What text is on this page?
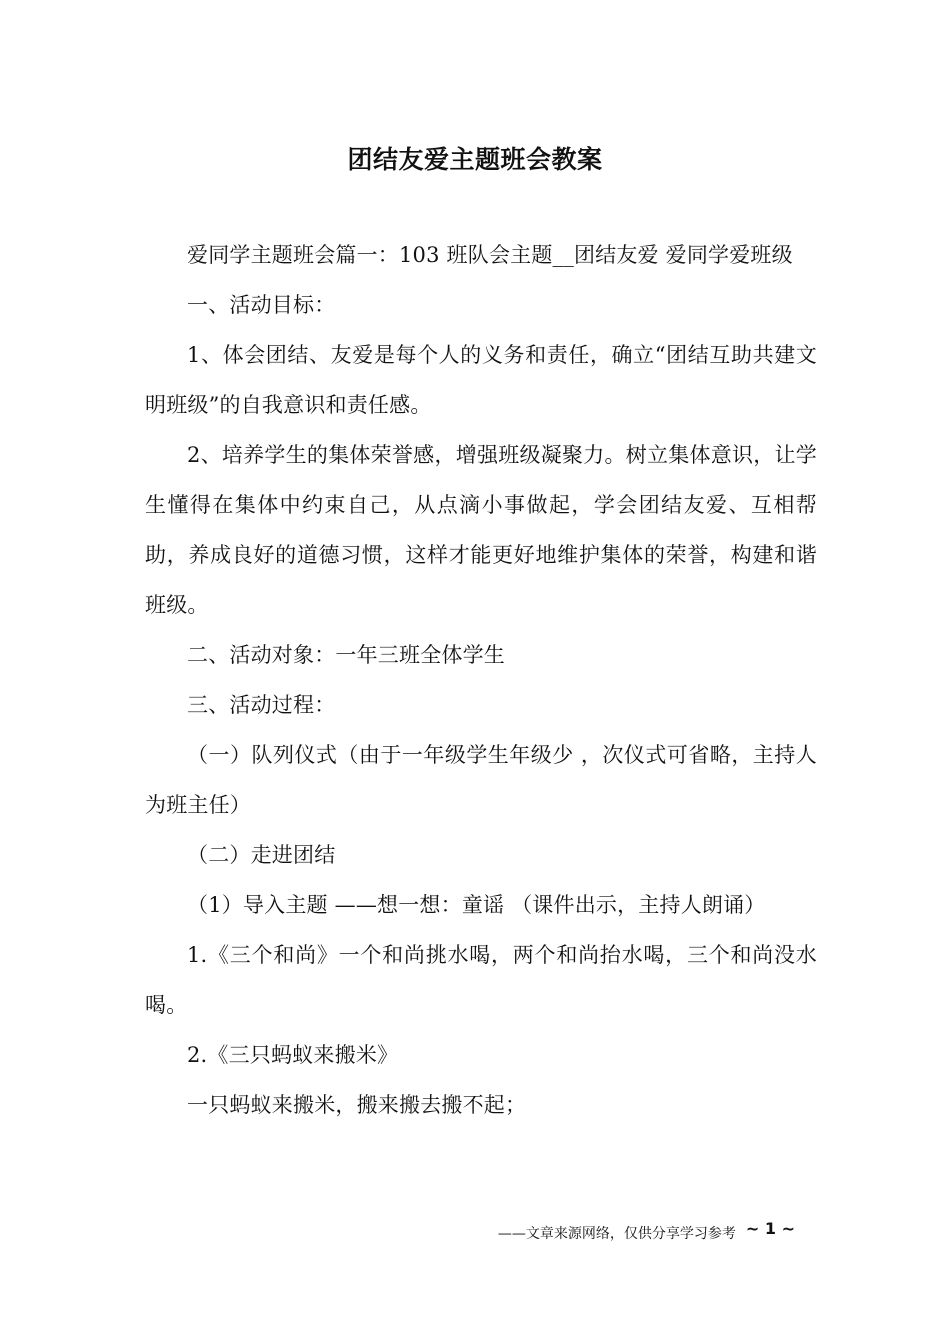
团结友爱主题班会教案

爱同学主题班会篇一：103 班队会主题__团结友爱 爱同学爱班级

一、活动目标：

1、体会团结、友爱是每个人的义务和责任，确立“团结互助共建文明班级”的自我意识和责任感。

2、培养学生的集体荣誉感，增强班级凝聚力。树立集体意识，让学生懂得在集体中约束自己，从点滴小事做起，学会团结友爱、互相帮助，养成良好的道德习惯，这样才能更好地维护集体的荣誉，构建和谐班级。

二、活动对象：一年三班全体学生

三、活动过程：

（一）队列仪式（由于一年级学生年级少 ，次仪式可省略，主持人为班主任）

（二）走进团结

（1）导入主题 ——想一想：童谣 （课件出示，主持人朗诵）

1.《三个和尚》一个和尚挑水喝，两个和尚抬水喝，三个和尚没水喝。

2.《三只蚂蚁来搬米》

一只蚂蚁来搬米，搬来搬去搬不起；

——文章来源网络，仅供分享学习参考 ~ 1 ~
